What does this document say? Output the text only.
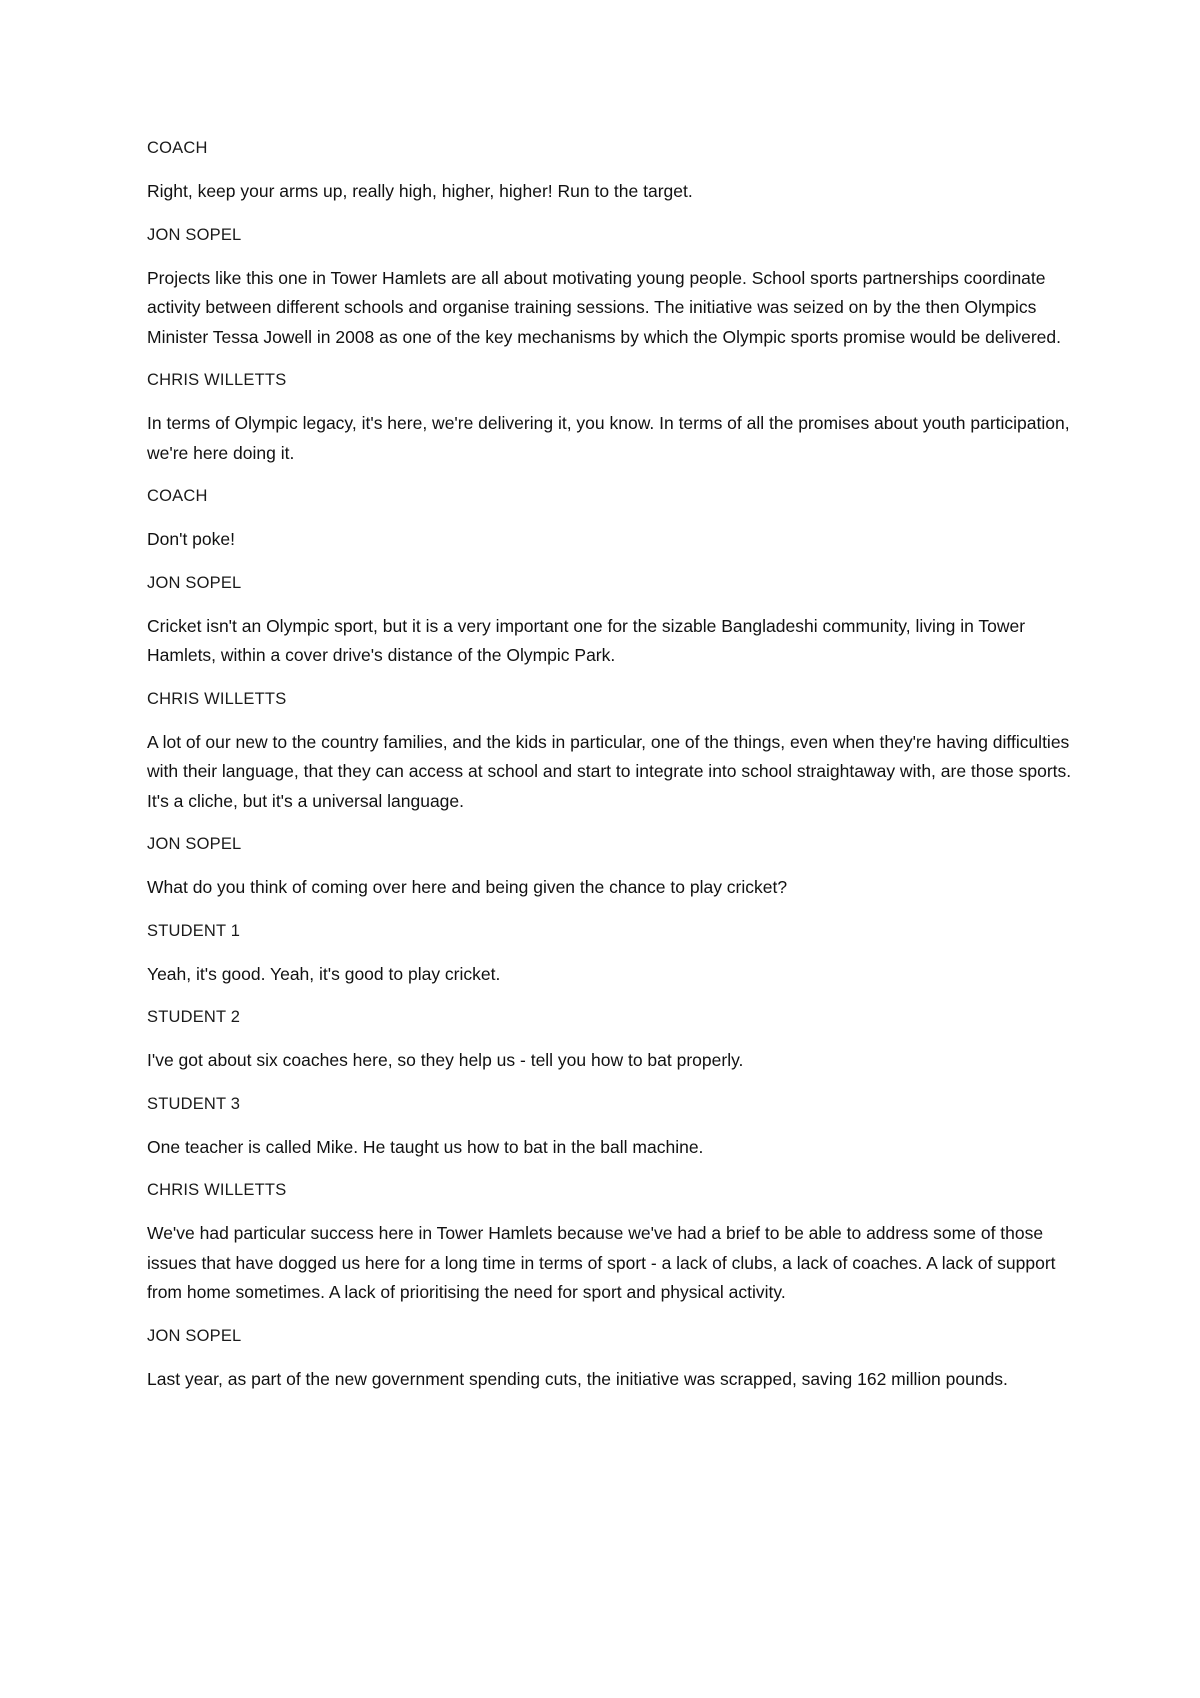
COACH

Right, keep your arms up, really high, higher, higher! Run to the target.

JON SOPEL

Projects like this one in Tower Hamlets are all about motivating young people. School sports partnerships coordinate activity between different schools and organise training sessions. The initiative was seized on by the then Olympics Minister Tessa Jowell in 2008 as one of the key mechanisms by which the Olympic sports promise would be delivered.

CHRIS WILLETTS

In terms of Olympic legacy, it's here, we're delivering it, you know. In terms of all the promises about youth participation, we're here doing it.

COACH

Don't poke!

JON SOPEL

Cricket isn't an Olympic sport, but it is a very important one for the sizable Bangladeshi community, living in Tower Hamlets, within a cover drive's distance of the Olympic Park.

CHRIS WILLETTS

A lot of our new to the country families, and the kids in particular, one of the things, even when they're having difficulties with their language, that they can access at school and start to integrate into school straightaway with, are those sports. It's a cliche, but it's a universal language.

JON SOPEL

What do you think of coming over here and being given the chance to play cricket?

STUDENT 1

Yeah, it's good. Yeah, it's good to play cricket.

STUDENT 2

I've got about six coaches here, so they help us - tell you how to bat properly.

STUDENT 3

One teacher is called Mike. He taught us how to bat in the ball machine.

CHRIS WILLETTS

We've had particular success here in Tower Hamlets because we've had a brief to be able to address some of those issues that have dogged us here for a long time in terms of sport - a lack of clubs, a lack of coaches. A lack of support from home sometimes. A lack of prioritising the need for sport and physical activity.

JON SOPEL

Last year, as part of the new government spending cuts, the initiative was scrapped, saving 162 million pounds.
